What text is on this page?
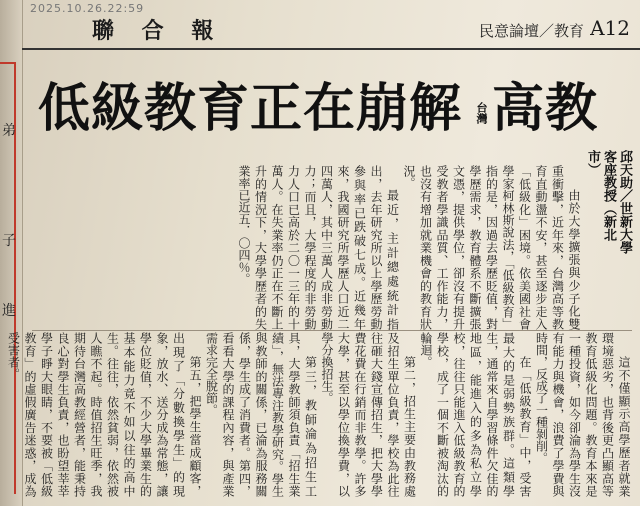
弟
子
進
2025.10.26.22:59
聯 合 報	民意論壇／教育 A12
低級教育正在崩解 台灣高教
邱天助／世新大學客座教授（新北市）

由於大學擴張與少子化雙重衝擊，近年來，台灣高等教育直動盪不安，甚至逐步走入「低級化」困境。依美國社會學家柯林斯說法，「低級教育」指的是，因過去學歷貶值，對學歷需求，教育體系不斷擴張文憑，提供學位，卻沒有提升受教者學識品質、工作能力，也沒有增加就業機會的教育狀況。

最近，主計總處統計指出，去年研究所以上學歷勞動參與率已跌破七成。近幾年來，我國研究所學歷人口近二四萬人，其中三萬人成非勞動力；而且，大學程度的非勞動力人口已高於二〇一三年的十萬人。在失業率仍正在不斷上升的情況下，大學學歷者的失業率已近五．〇四％。

這不僅顯示高學歷者就業環境惡劣，也背後更凸顯高等教育低級化問題。教育本來是一種投資，如今卻淪為學生沒有能力與機會，浪費了學費與時間，反成了一種剝削。

在「低級教育」中，受害最大的是弱勢族群。這類學生，通常來自學習條件欠佳的地區，能進入的多為私立學校，往往只能進入低級教育的學校，成了一個不斷被淘汰的輪迴。

第二，招生主要由教務處及招生單位負責，學校為此往往砸大錢宣傳招生，把大學學費花費在行銷而非教學。許多大學，甚至以學位換學費，以學分換招生。

第三，教師淪為招生工具，大學教師須負責「招生業績」，無法專注教學研究。學生與教師的關係，已淪為服務關係，學生成了消費者。第四，看看大學的課程內容，與產業需求完全脫節。

第五，把學生當成顧客，出現了「分數換學生」的現象，放水、送分成為常態，讓學位貶值，不少大學畢業生的基本能力竟不如以往的高中生。往往，依然貧弱，依然被人瞧不起。時值招生旺季，我期待台灣高教經營者，能秉持良心對學生負責，也盼望莘莘學子睜大眼睛，不要被「低級教育」的虛假廣告迷惑，成為受害者。
